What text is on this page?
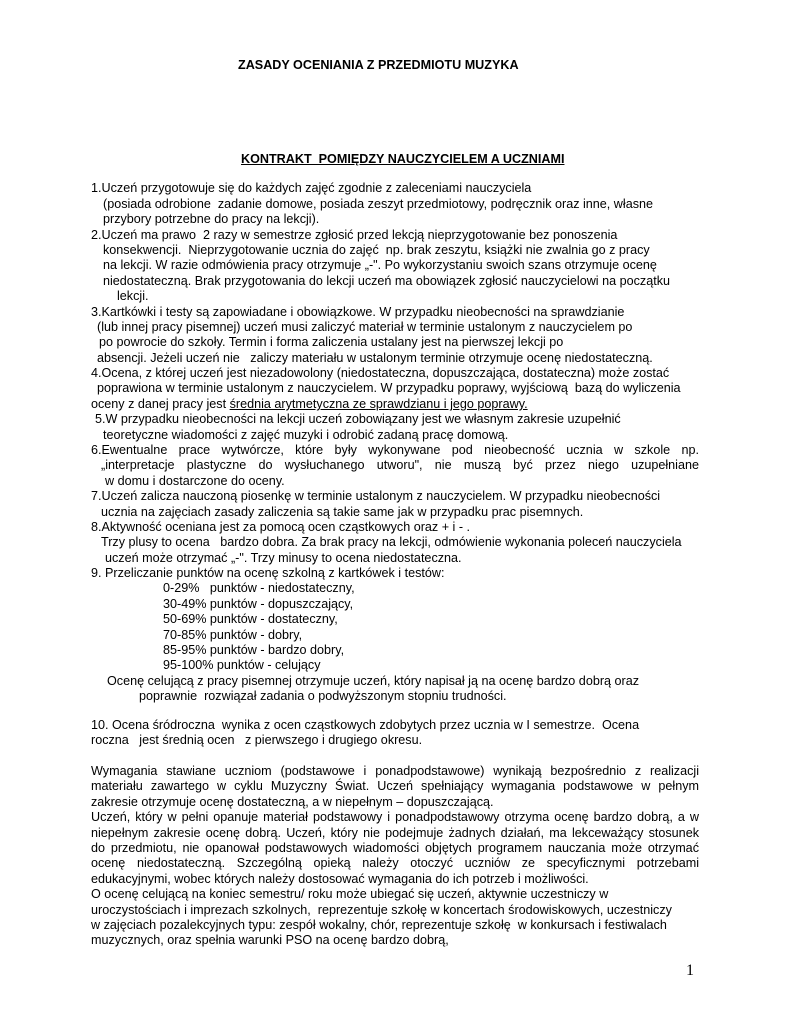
ZASADY OCENIANIA Z PRZEDMIOTU MUZYKA
KONTRAKT  POMIĘDZY NAUCZYCIELEM A UCZNIAMI
1.Uczeń przygotowuje się do każdych zajęć zgodnie z zaleceniami nauczyciela
(posiada odrobione  zadanie domowe, posiada zeszyt przedmiotowy, podręcznik oraz inne, własne
przybory potrzebne do pracy na lekcji).
2.Uczeń ma prawo  2 razy w semestrze zgłosić przed lekcją nieprzygotowanie bez ponoszenia
konsekwencji.  Nieprzygotowanie ucznia do zajęć  np. brak zeszytu, książki nie zwalnia go z pracy
na lekcji. W razie odmówienia pracy otrzymuje „-". Po wykorzystaniu swoich szans otrzymuje ocenę
niedostateczną. Brak przygotowania do lekcji uczeń ma obowiązek zgłosić nauczycielowi na początku
lekcji.
3.Kartkówki i testy są zapowiadane i obowiązkowe. W przypadku nieobecności na sprawdzianie
(lub innej pracy pisemnej) uczeń musi zaliczyć materiał w terminie ustalonym z nauczycielem po
po powrocie do szkoły. Termin i forma zaliczenia ustalany jest na pierwszej lekcji po
absencji. Jeżeli uczeń nie   zaliczy materiału w ustalonym terminie otrzymuje ocenę niedostateczną.
4.Ocena, z której uczeń jest niezadowolony (niedostateczna, dopuszczająca, dostateczna) może zostać
poprawiona w terminie ustalonym z nauczycielem. W przypadku poprawy, wyjściową  bazą do wyliczenia
oceny z danej pracy jest średnia arytmetyczna ze sprawdzianu i jego poprawy.
5.W przypadku nieobecności na lekcji uczeń zobowiązany jest we własnym zakresie uzupełnić
teoretyczne wiadomości z zajęć muzyki i odrobić zadaną pracę domową.
6.Ewentualne prace wytwórcze, które były wykonywane pod nieobecność ucznia w szkole np.
„interpretacje plastyczne do wysłuchanego utworu", nie muszą być przez niego uzupełniane
w domu i dostarczone do oceny.
7.Uczeń zalicza nauczoną piosenkę w terminie ustalonym z nauczycielem. W przypadku nieobecności
ucznia na zajęciach zasady zaliczenia są takie same jak w przypadku prac pisemnych.
8.Aktywność oceniana jest za pomocą ocen cząstkowych oraz + i - .
Trzy plusy to ocena   bardzo dobra. Za brak pracy na lekcji, odmówienie wykonania poleceń nauczyciela
uczeń może otrzymać „-". Trzy minusy to ocena niedostateczna.
9. Przeliczanie punktów na ocenę szkolną z kartkówek i testów:
0-29%   punktów - niedostateczny,
30-49% punktów - dopuszczający,
50-69% punktów - dostateczny,
70-85% punktów - dobry,
85-95% punktów - bardzo dobry,
95-100% punktów - celujący
Ocenę celującą z pracy pisemnej otrzymuje uczeń, który napisał ją na ocenę bardzo dobrą oraz
poprawnie  rozwiązał zadania o podwyższonym stopniu trudności.
10. Ocena śródroczna  wynika z ocen cząstkowych zdobytych przez ucznia w I semestrze.  Ocena
roczna   jest średnią ocen   z pierwszego i drugiego okresu.
Wymagania stawiane uczniom (podstawowe i ponadpodstawowe) wynikają bezpośrednio z realizacji
materiału zawartego w cyklu Muzyczny Świat. Uczeń spełniający wymagania podstawowe w pełnym
zakresie otrzymuje ocenę dostateczną, a w niepełnym – dopuszczającą.
Uczeń, który w pełni opanuje materiał podstawowy i ponadpodstawowy otrzyma ocenę bardzo dobrą, a w
niepełnym zakresie ocenę dobrą. Uczeń, który nie podejmuje żadnych działań, ma lekceważący stosunek
do przedmiotu, nie opanował podstawowych wiadomości objętych programem nauczania może otrzymać
ocenę niedostateczną. Szczególną opieką należy otoczyć uczniów ze specyficznymi potrzebami
edukacyjnymi, wobec których należy dostosować wymagania do ich potrzeb i możliwości.
O ocenę celującą na koniec semestru/ roku może ubiegać się uczeń, aktywnie uczestniczy w
uroczystościach i imprezach szkolnych,  reprezentuje szkołę w koncertach środowiskowych, uczestniczy
w zajęciach pozalekcyjnych typu: zespół wokalny, chór, reprezentuje szkołę  w konkursach i festiwalach
muzycznych, oraz spełnia warunki PSO na ocenę bardzo dobrą,
1
